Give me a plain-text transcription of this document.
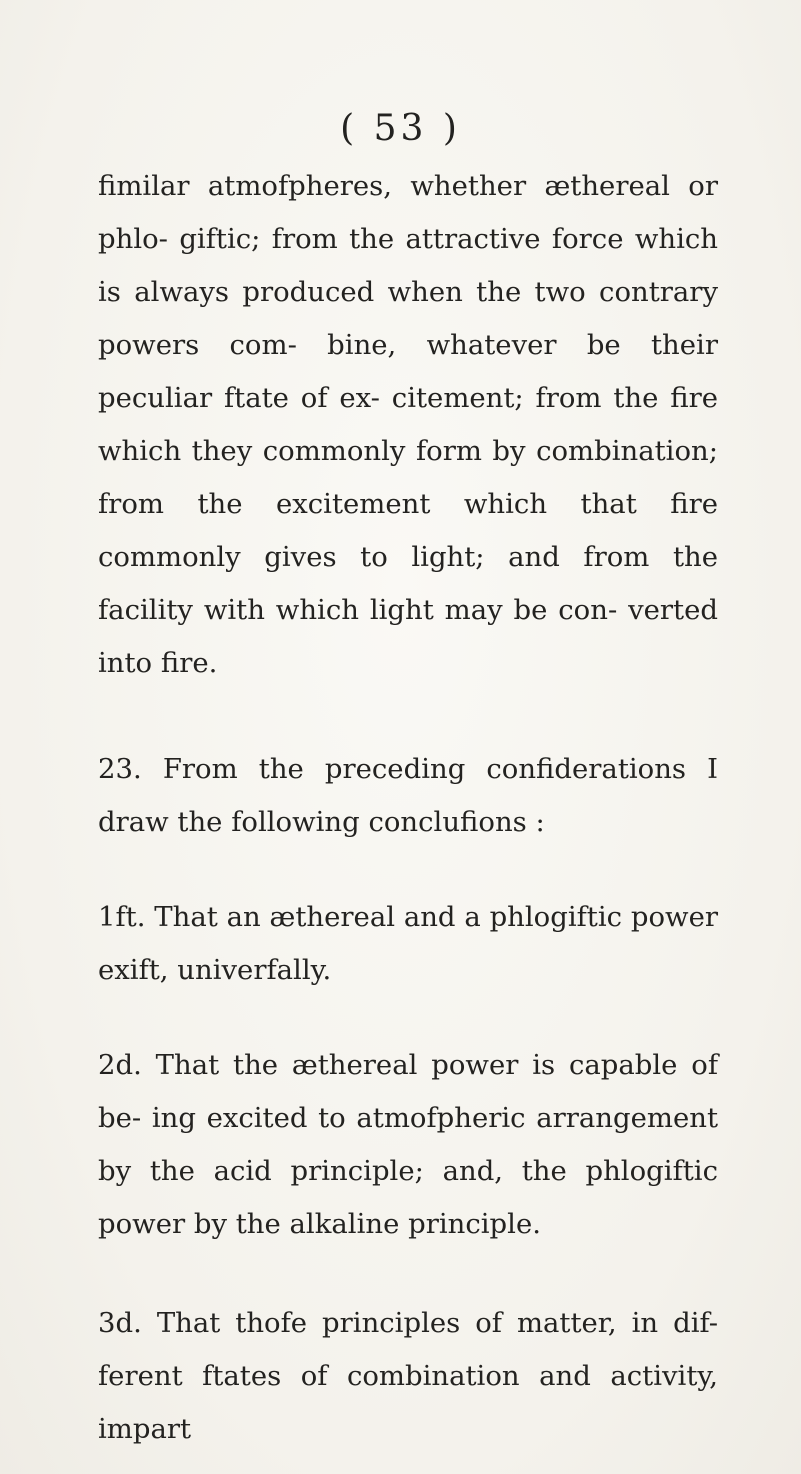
( 53 )

fimilar atmofpheres, whether æthereal or phlo- giftic; from the attractive force which is always produced when the two contrary powers com- bine, whatever be their peculiar ftate of ex- citement; from the fire which they commonly form by combination; from the excitement which that fire commonly gives to light; and from the facility with which light may be con- verted into fire.

23. From the preceding confiderations I draw the following conclufions :

1ft. That an æthereal and a phlogiftic power exift, univerfally.

2d. That the æthereal power is capable of be- ing excited to atmofpheric arrangement by the acid principle; and, the phlogiftic power by the alkaline principle.

3d. That thofe principles of matter, in dif- ferent ftates of combination and activity, impart
